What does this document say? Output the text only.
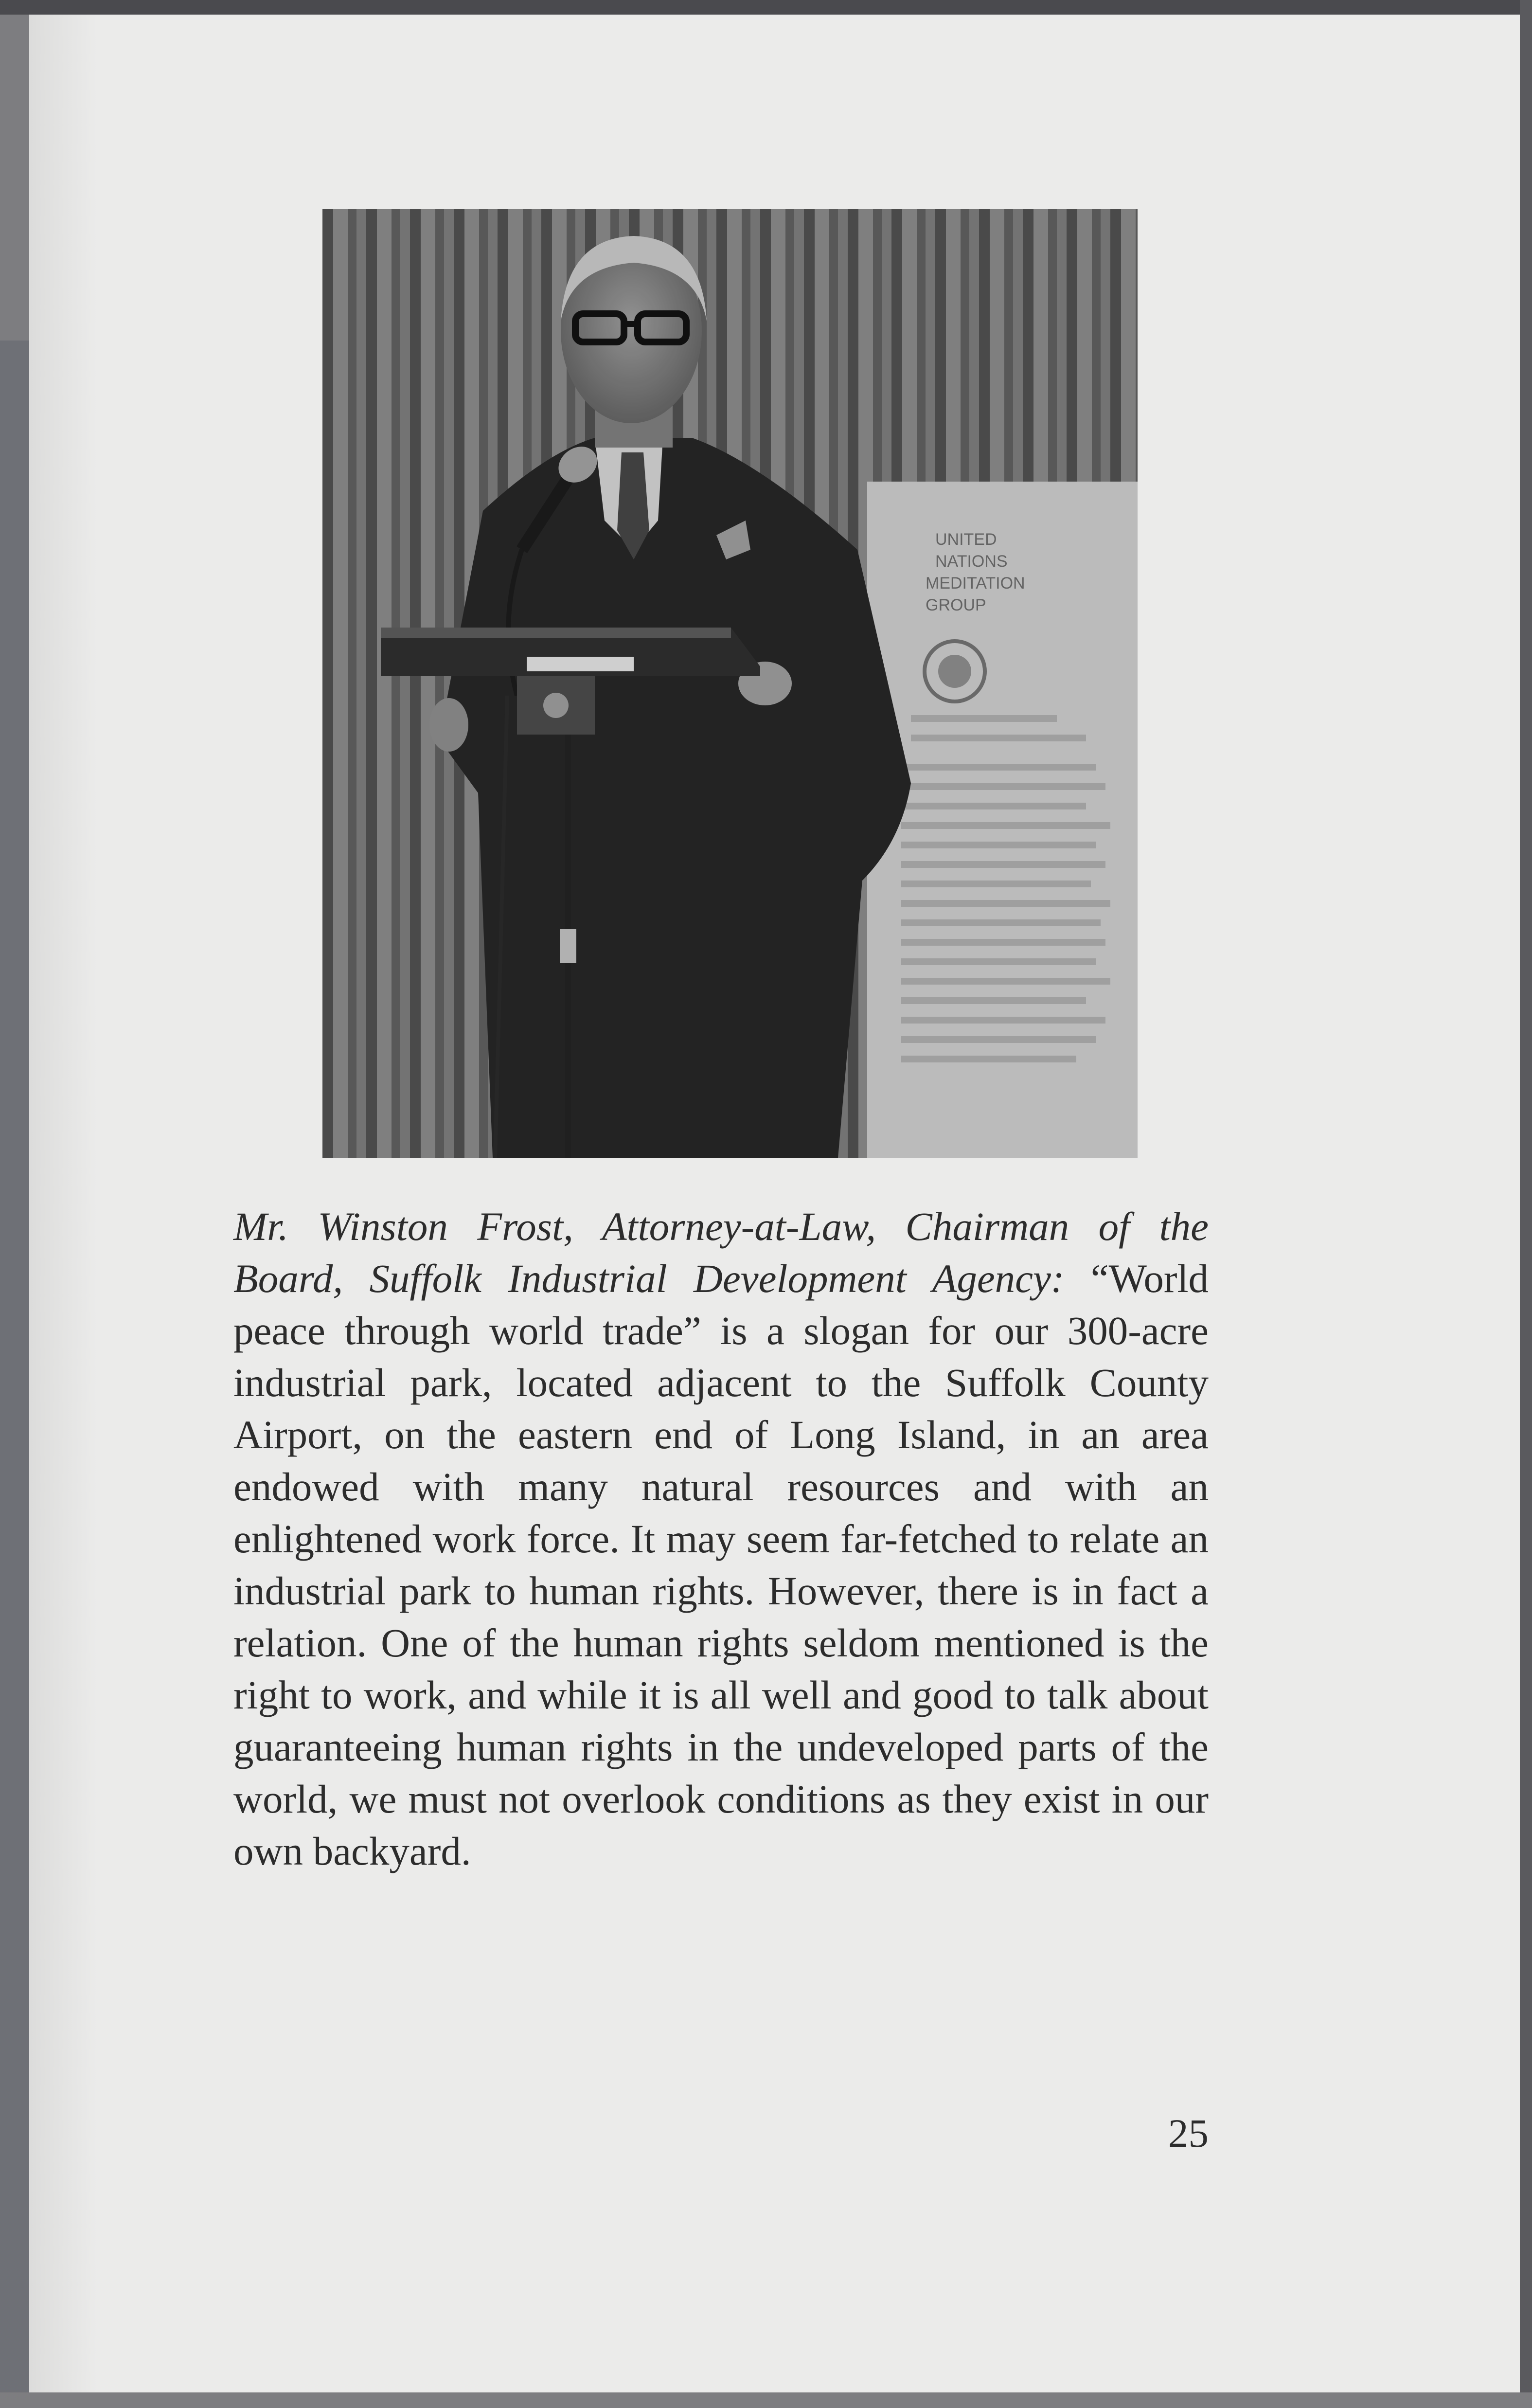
UNITED
NATIONS
MEDITATION
GROUP

Mr. Winston Frost, Attorney-at-Law, Chairman of the Board, Suffolk Industrial Development Agency: “World peace through world trade” is a slogan for our 300-acre industrial park, located adjacent to the Suffolk County Airport, on the eastern end of Long Island, in an area endowed with many natural resources and with an enlightened work force. It may seem far-fetched to relate an industrial park to human rights. However, there is in fact a relation. One of the human rights seldom mentioned is the right to work, and while it is all well and good to talk about guaranteeing human rights in the undeveloped parts of the world, we must not overlook conditions as they exist in our own backyard.

25
